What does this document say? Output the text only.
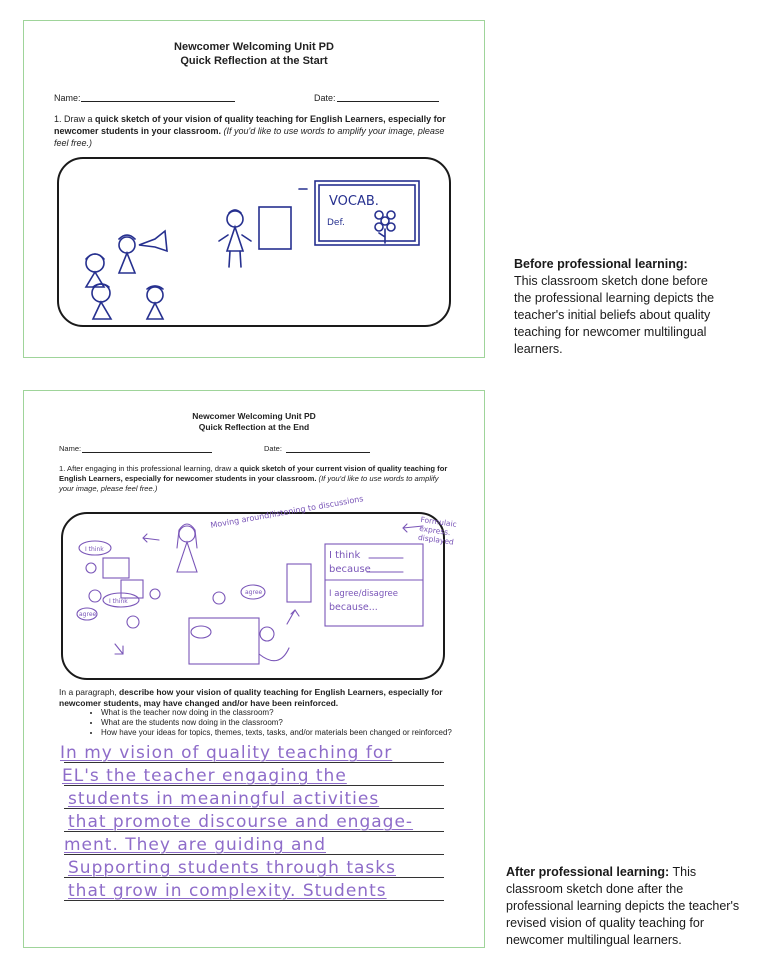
Newcomer Welcoming Unit PD
Quick Reflection at the Start
Name:	Date:
1. Draw a quick sketch of your vision of quality teaching for English Learners, especially for newcomer students in your classroom. (If you'd like to use words to amplify your image, please feel free.)
VOCAB.
Def.
Newcomer Welcoming Unit PD
Quick Reflection at the End
Name:	Date:
1. After engaging in this professional learning, draw a quick sketch of your current vision of quality teaching for English Learners, especially for newcomer students in your classroom. (If you'd like to use words to amplify your image, please feel free.)
Moving around/listening to discussions
I think
because
I agree/disagree
because...
I think
I think
agree
agree
Formulaic express. displayed
In a paragraph, describe how your vision of quality teaching for English Learners, especially for newcomer students, may have changed and/or have been reinforced.
• What is the teacher now doing in the classroom?
• What are the students now doing in the classroom?
• How have your ideas for topics, themes, texts, tasks, and/or materials been changed or reinforced?
In my vision of quality teaching for
EL's the teacher engaging the
students in meaningful activities
that promote discourse and engage-
ment. They are guiding and
Supporting students through tasks
that grow in complexity. Students
Before professional learning:
This classroom sketch done before the professional learning depicts the teacher's initial beliefs about quality teaching for newcomer multilingual learners.
After professional learning: This classroom sketch done after the professional learning depicts the teacher's revised vision of quality teaching for newcomer multilingual learners.
